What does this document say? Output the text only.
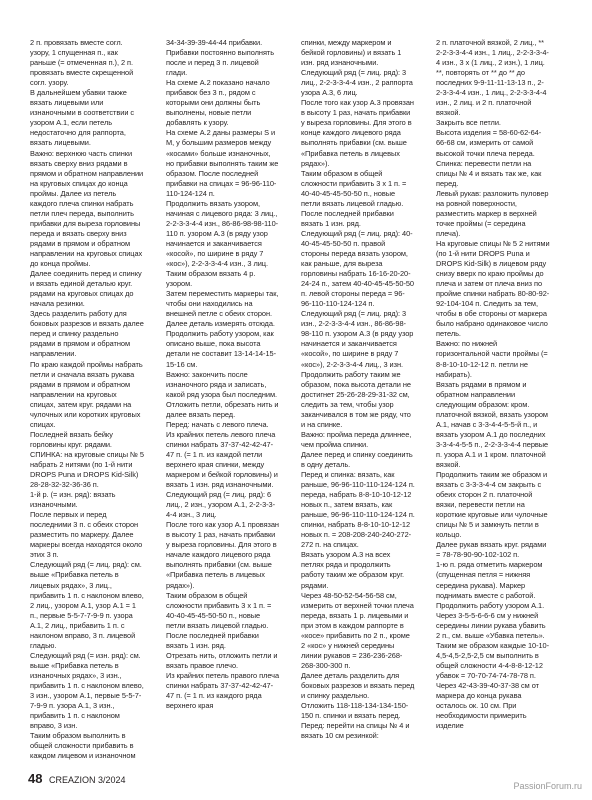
2 п. провязать вместе согл. узору, 1 спущенная п., как раньше (= отмеченная п.), 2 п. провязать вместе скрещенной согл. узору.
В дальнейшем убавки также вязать лицевыми или изнаночными в соответствии с узором А.1, если петель недостаточно для раппорта, вязать лицевыми.
Важно: верхнюю часть спинки вязать сверху вниз рядами в прямом и обратном направлении на круговых спицах до конца проймы. Далее из петель каждого плеча спинки набрать петли плеч переда, выполнить прибавки для выреза горловины переда и вязать сверху вниз рядами в прямом и обратном направлении на круговых спицах до конца проймы.
Далее соединить перед и спинку и вязать единой деталью круг. рядами на круговых спицах до начала резинки.
Здесь разделить работу для боковых разрезов и вязать далее перед и спинку раздельно рядами в прямом и обратном направлении.
По краю каждой проймы набрать петли и сначала вязать рукава рядами в прямом и обратном направлении на круговых спицах, затем круг. рядами на чулочных или коротких круговых спицах.
Последней вязать бейку горловины круг. рядами.
СПИНКА: на круговые спицы № 5 набрать 2 нитями (по 1-й нити DROPS Puna и DROPS Kid-Silk) 28-28-32-32-36-36 п.
1-й р. (= изн. ряд): вязать изнаночными.
После первых и перед последними 3 п. с обеих сторон разместить по маркеру. Далее маркеры всегда находятся около этих 3 п.
Следующий ряд (= лиц. ряд): см. выше «Прибавка петель в лицевых рядах», 3 лиц., прибавить 1 п. с наклоном влево, 2 лиц., узором А.1, узор А.1 = 1 п., первые 5-5-7-7-9-9 п. узора А.1, 2 лиц., прибавить 1 п. с наклоном вправо, 3 п. лицевой гладью.
Следующий ряд (= изн. ряд): см. выше «Прибавка петель в изнаночных рядах», 3 изн., прибавить 1 п. с наклоном влево, 3 изн., узором А.1, первые 5-5-7-7-9-9 п. узора А.1, 3 изн., прибавить 1 п. с наклоном вправо, 3 изн.
Таким образом выполнить в общей сложности прибавить в каждом лицевом и изнаночном
34-34-39-39-44-44 прибавки. Прибавки постоянно выполнять после и перед 3 п. лицевой глади.
На схеме А.2 показано начало прибавок без 3 п., рядом с которыми они должны быть выполнены, новые петли добавлять к узору.
На схеме А.2 даны размеры S и M, у большим размеров между «косами» больше изнаночных, но прибавки выполнять таким же образом. После последней прибавки на спицах = 96-96-110-110-124-124 п.
Продолжить вязать узором, начиная с лицевого ряда: 3 лиц., 2-2-3-3-4-4 изн., 86-86-98-98-110-110 п. узором А.3 (в ряду узор начинается и заканчивается «косой», по ширине в ряду 7 «кос»), 2-2-3-3-4-4 изн., 3 лиц.
Таким образом вязать 4 р. узором.
Затем переместить маркеры так, чтобы они находились на внешней петле с обеих сторон.
Далее деталь измерять отсюда.
Продолжить работу узором, как описано выше, пока высота детали не составит 13-14-14-15-15-16 см.
Важно: закончить после изнаночного ряда и записать, какой ряд узора был последним.
Отложить петли, обрезать нить и далее вязать перед.
Перед: начать с левого плеча.
Из крайних петель левого плеча спинки набрать 37-37-42-42-47-47 п. (= 1 п. из каждой петли верхнего края спинки, между маркером и бейкой горловины) и вязать 1 изн. ряд изнаночными.
Следующий ряд (= лиц. ряд): 6 лиц., 2 изн., узором А.1, 2-2-3-3-4-4 изн., 3 лиц.
После того как узор А.1 провязан в высоту 1 раз, начать прибавки у выреза горловины. Для этого в начале каждого лицевого ряда выполнять прибавки (см. выше «Прибавка петель в лицевых рядах»).
Таким образом в общей сложности прибавить 3 х 1 п. = 40-40-45-45-50-50 п., новые петли вязать лицевой гладью. После последней прибавки вязать 1 изн. ряд.
Отрезать нить, отложить петли и вязать правое плечо.
Из крайних петель правого плеча спинки набрать 37-37-42-42-47-47 п. (= 1 п. из каждого ряда верхнего края
спинки, между маркером и бейкой горловины) и вязать 1 изн. ряд изнаночными.
Следующий ряд (= лиц. ряд): 3 лиц., 2-2-3-3-4-4 изн., 2 раппорта узора А.3, 6 лиц.
После того как узор А.3 провязан в высоту 1 раз, начать прибавки у выреза горловины. Для этого в конце каждого лицевого ряда выполнять прибавки (см. выше «Прибавка петель в лицевых рядах»).
Таким образом в общей сложности прибавить 3 х 1 п. = 40-40-45-45-50-50 п., новые петли вязать лицевой гладью. После последней прибавки вязать 1 изн. ряд.
Следующий ряд (= лиц. ряд): 40-40-45-45-50-50 п. правой стороны переда вязать узором, как раньше, для выреза горловины набрать 16-16-20-20-24-24 п., затем 40-40-45-45-50-50 п. левой стороны переда = 96-96-110-110-124-124 п.
Следующий ряд (= лиц. ряд): 3 изн., 2-2-3-3-4-4 изн., 86-86-98-98-110 п. узором А.3 (в ряду узор начинается и заканчивается «косой», по ширине в ряду 7 «кос»), 2-2-3-3-4-4 лиц., 3 изн.
Продолжить работу таким же образом, пока высота детали не достигнет 25-26-28-29-31-32 см, следить за тем, чтобы узор заканчивался в том же ряду, что и на спинке.
Важно: пройма переда длиннее, чем пройма спинки.
Далее перед и спинку соединить в одну деталь.
Перед и спинка: вязать, как раньше, 96-96-110-110-124-124 п. переда, набрать 8-8-10-10-12-12 новых п., затем вязать, как раньше, 96-96-110-110-124-124 п. спинки, набрать 8-8-10-10-12-12 новых п. = 208-208-240-240-272-272 п. на спицах.
Вязать узором А.3 на всех петлях ряда и продолжить работу таким же образом круг. рядами.
Через 48-50-52-54-56-58 см, измерить от верхней точки плеча переда, вязать 1 р. лицевыми и при этом в каждом раппорте в «косе» прибавить по 2 п., кроме 2 «кос» у нижней середины линии рукавов = 236-236-268-268-300-300 п.
Далее деталь разделить для боковых разрезов и вязать перед и спинку раздельно.
Отложить 118-118-134-134-150-150 п. спинки и вязать перед.
Перед: перейти на спицы № 4 и вязать 10 см резинкой:
2 п. платочной вязкой, 2 лиц., ** 2-2-3-3-4-4 изн., 1 лиц., 2-2-3-3-4-4 изн., 3 х (1 лиц., 2 изн.), 1 лиц. **, повторять от ** до ** до последних 9-9-11-11-13-13 п., 2-2-3-3-4-4 изн., 1 лиц., 2-2-3-3-4-4 изн., 2 лиц. и 2 п. платочной вязкой.
Закрыть все петли.
Высота изделия = 58-60-62-64-66-68 см, измерить от самой высокой точки плеча переда.
Спинка: перевести петли на спицы № 4 и вязать так же, как перед.
Левый рукав: разложить пуловер на ровной поверхности, разместить маркер в верхней точке проймы (= середина плеча).
На круговые спицы № 5 2 нитями (по 1-й нити DROPS Puna и DROPS Kid-Silk) в лицевом ряду снизу вверх по краю проймы до плеча и затем от плеча вниз по пройме спинки набрать 80-80-92-92-104-104 п. Следить за тем, чтобы в обе стороны от маркера было набрано одинаковое число петель.
Важно: по нижней горизонтальной части проймы (= 8-8-10-10-12-12 п. петли не набирать).
Вязать рядами в прямом и обратном направлении следующим образом: кром. платочной вязкой, вязать узором А.1, начав с 3-3-4-4-5-5-й п., и вязать узором А.1 до последних 3-3-4-4-5-5 п., 2-2-3-3-4-4 первые п. узора А.1 и 1 кром. платочной вязкой.
Продолжить таким же образом и вязать с 3-3-3-4-4 см закрыть с обеих сторон 2 п. платочной вязки, перевести петли на короткие круговые или чулочные спицы № 5 и замкнуть петли в кольцо.
Далее рукав вязать круг. рядами = 78-78-90-90-102-102 п.
1-ю п. ряда отметить маркером (спущенная петля = нижняя середина рукава). Маркер поднимать вместе с работой.
Продолжить работу узором А.1.
Через 3-5-5-6-6-6 см у нижней середины линии рукава убавить 2 п., см. выше «Убавка петель».
Таким же образом каждые 10-10-4,5-4,5-2,5-2,5 см выполнить в общей сложности 4-4-8-8-12-12 убавок = 70-70-74-74-78-78 п.
Через 42-43-39-40-37-38 см от маркера до конца рукава осталось ок. 10 см. При необходимости примерить изделие
48 CREAZION 3/2024
PassionForum.ru
